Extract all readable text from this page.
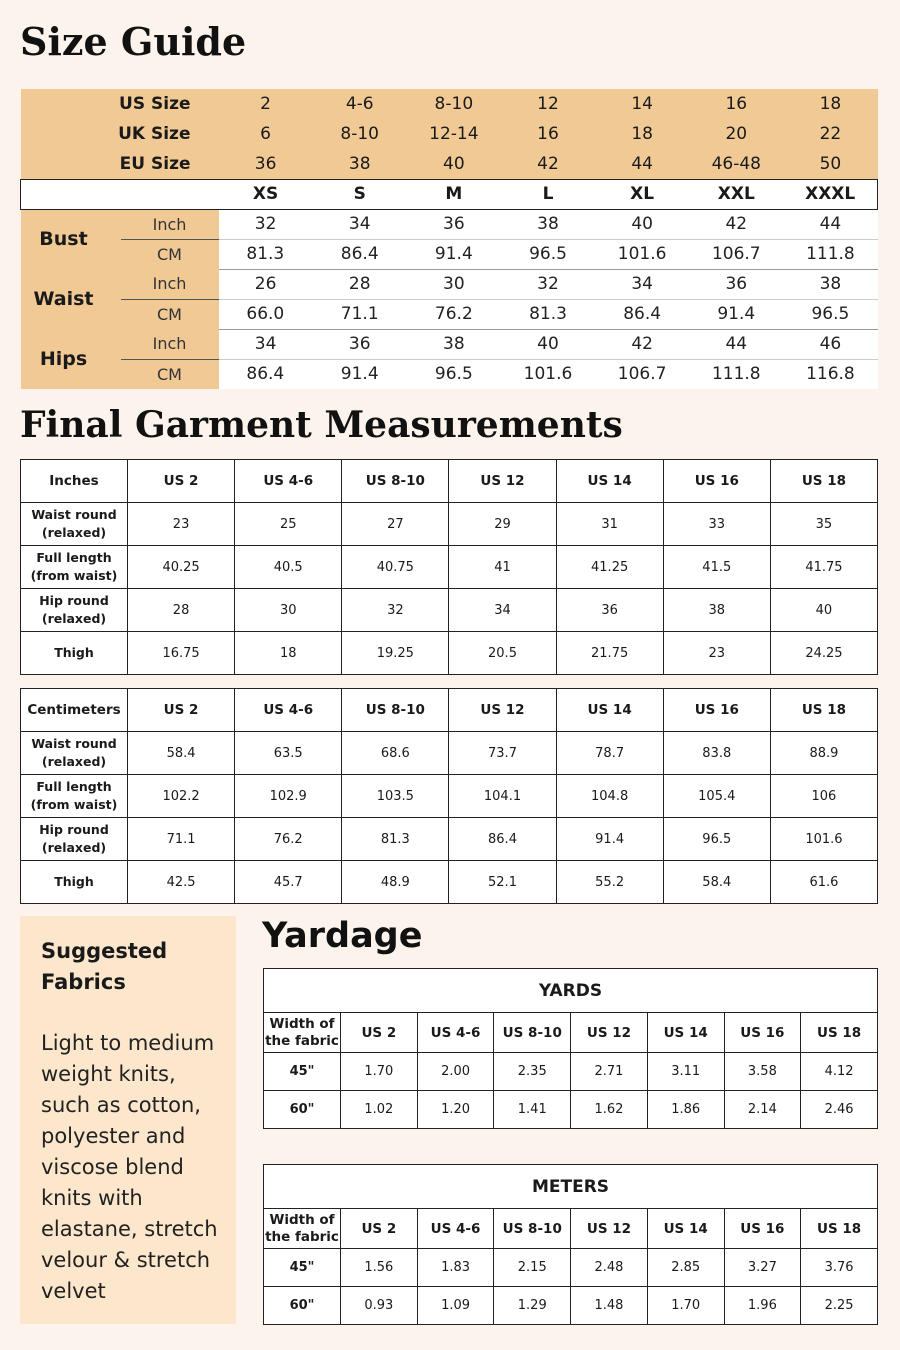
Size Guide
US Size		2	4-6	8-10	12	14	16	18
UK Size		6	8-10	12-14	16	18	20	22
EU Size		36	38	40	42	44	46-48	50
		XS	S	M	L	XL	XXL	XXXL
Bust	Inch	32	34	36	38	40	42	44
	CM	81.3	86.4	91.4	96.5	101.6	106.7	111.8
Waist	Inch	26	28	30	32	34	36	38
	CM	66.0	71.1	76.2	81.3	86.4	91.4	96.5
Hips	Inch	34	36	38	40	42	44	46
	CM	86.4	91.4	96.5	101.6	106.7	111.8	116.8
Final Garment Measurements
Inches	US 2	US 4-6	US 8-10	US 12	US 14	US 16	US 18
Waist round (relaxed)	23	25	27	29	31	33	35
Full length (from waist)	40.25	40.5	40.75	41	41.25	41.5	41.75
Hip round (relaxed)	28	30	32	34	36	38	40
Thigh	16.75	18	19.25	20.5	21.75	23	24.25
Centimeters	US 2	US 4-6	US 8-10	US 12	US 14	US 16	US 18
Waist round (relaxed)	58.4	63.5	68.6	73.7	78.7	83.8	88.9
Full length (from waist)	102.2	102.9	103.5	104.1	104.8	105.4	106
Hip round (relaxed)	71.1	76.2	81.3	86.4	91.4	96.5	101.6
Thigh	42.5	45.7	48.9	52.1	55.2	58.4	61.6

Suggested Fabrics

Light to medium weight knits, such as cotton, polyester and viscose blend knits with elastane, stretch velour & stretch velvet

Yardage
YARDS							
Width of the fabric	US 2	US 4-6	US 8-10	US 12	US 14	US 16	US 18
45"	1.70	2.00	2.35	2.71	3.11	3.58	4.12
60"	1.02	1.20	1.41	1.62	1.86	2.14	2.46
METERS							
Width of the fabric	US 2	US 4-6	US 8-10	US 12	US 14	US 16	US 18
45"	1.56	1.83	2.15	2.48	2.85	3.27	3.76
60"	0.93	1.09	1.29	1.48	1.70	1.96	2.25
